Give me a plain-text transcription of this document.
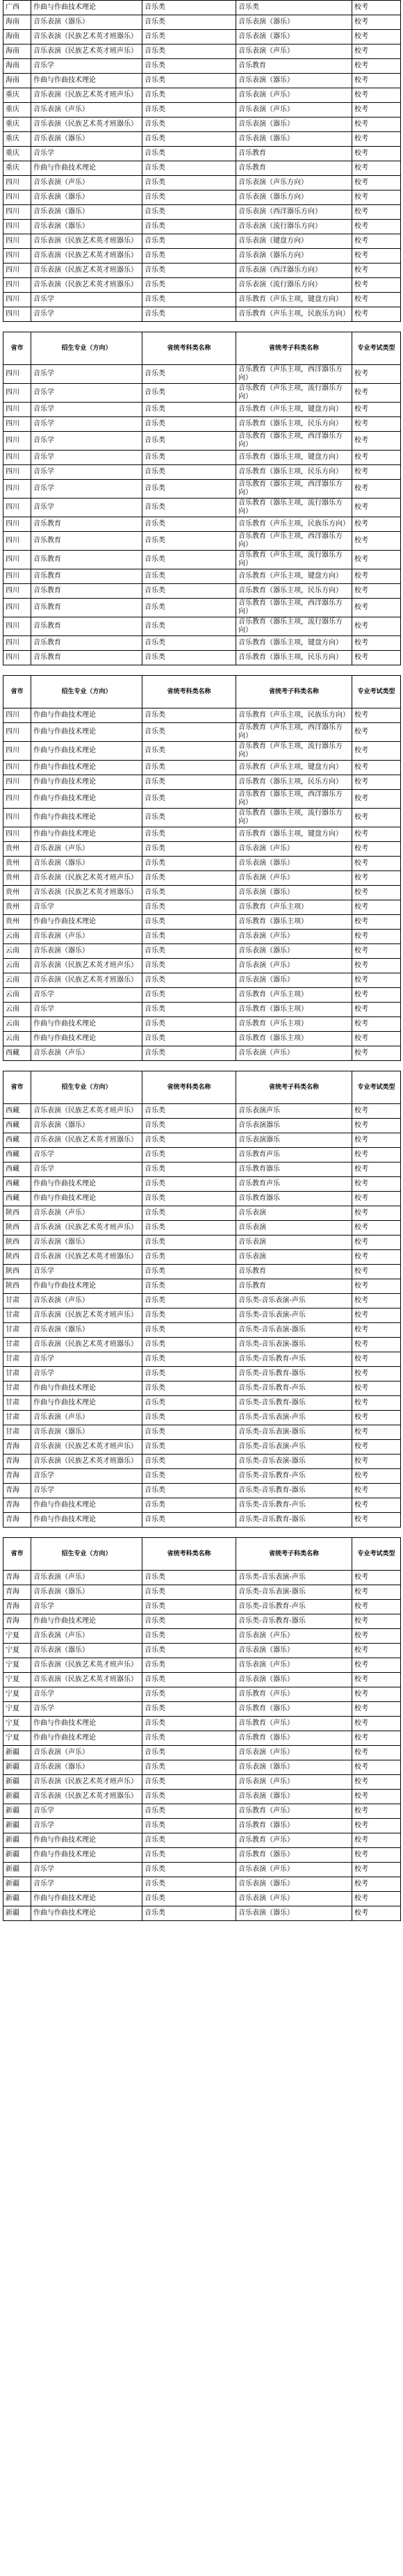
广西	作曲与作曲技术理论	音乐类	音乐类	校考
海南	音乐表演（器乐）	音乐类	音乐表演（器乐）	校考
海南	音乐表演（民族艺术英才班器乐）	音乐类	音乐表演（器乐）	校考
海南	音乐表演（民族艺术英才班声乐）	音乐类	音乐表演（声乐）	校考
海南	音乐学	音乐类	音乐教育	校考
海南	作曲与作曲技术理论	音乐类	音乐表演（器乐）	校考
重庆	音乐表演（民族艺术英才班声乐）	音乐类	音乐表演（声乐）	校考
重庆	音乐表演（声乐）	音乐类	音乐表演（声乐）	校考
重庆	音乐表演（民族艺术英才班器乐）	音乐类	音乐表演（器乐）	校考
重庆	音乐表演（器乐）	音乐类	音乐表演（器乐）	校考
重庆	音乐学	音乐类	音乐教育	校考
重庆	作曲与作曲技术理论	音乐类	音乐教育	校考
四川	音乐表演（声乐）	音乐类	音乐表演（声乐方向）	校考
四川	音乐表演（器乐）	音乐类	音乐表演（器乐方向）	校考
四川	音乐表演（器乐）	音乐类	音乐表演（西洋器乐方向）	校考
四川	音乐表演（器乐）	音乐类	音乐表演（流行器乐方向）	校考
四川	音乐表演（民族艺术英才班器乐）	音乐类	音乐表演（键盘方向）	校考
四川	音乐表演（民族艺术英才班器乐）	音乐类	音乐表演（器乐方向）	校考
四川	音乐表演（民族艺术英才班器乐）	音乐类	音乐表演（西洋器乐方向）	校考
四川	音乐表演（民族艺术英才班器乐）	音乐类	音乐表演（流行器乐方向）	校考
四川	音乐学	音乐类	音乐教育（声乐主项，键盘方向）	校考
四川	音乐学	音乐类	音乐教育（声乐主项，民族乐方向）	校考
省市	招生专业（方向）	省统考科类名称	省统考子科类名称	专业考试类型
四川	音乐学	音乐类	音乐教育（声乐主项，西洋器乐方向）	校考
四川	音乐学	音乐类	音乐教育（声乐主项，流行器乐方向）	校考
四川	音乐学	音乐类	音乐教育（声乐主项，键盘方向）	校考
四川	音乐学	音乐类	音乐教育（器乐主项，民乐方向）	校考
四川	音乐学	音乐类	音乐教育（器乐主项，西洋器乐方向）	校考
四川	音乐学	音乐类	音乐教育（器乐主项，键盘方向）	校考
四川	音乐学	音乐类	音乐教育（器乐主项，民乐方向）	校考
四川	音乐学	音乐类	音乐教育（器乐主项，西洋器乐方向）	校考
四川	音乐学	音乐类	音乐教育（器乐主项，流行器乐方向）	校考
四川	音乐教育	音乐类	音乐教育（声乐主项，民族乐方向）	校考
四川	音乐教育	音乐类	音乐教育（声乐主项，西洋器乐方向）	校考
四川	音乐教育	音乐类	音乐教育（声乐主项，流行器乐方向）	校考
四川	音乐教育	音乐类	音乐教育（声乐主项，键盘方向）	校考
四川	音乐教育	音乐类	音乐教育（器乐主项，民乐方向）	校考
四川	音乐教育	音乐类	音乐教育（器乐主项，西洋器乐方向）	校考
四川	音乐教育	音乐类	音乐教育（器乐主项，流行器乐方向）	校考
四川	音乐教育	音乐类	音乐教育（器乐主项，键盘方向）	校考
四川	音乐教育	音乐类	音乐教育（器乐主项，民乐方向）	校考
省市	招生专业（方向）	省统考科类名称	省统考子科类名称	专业考试类型
四川	作曲与作曲技术理论	音乐类	音乐教育（声乐主项，民族乐方向）	校考
四川	作曲与作曲技术理论	音乐类	音乐教育（声乐主项，西洋器乐方向）	校考
四川	作曲与作曲技术理论	音乐类	音乐教育（声乐主项，流行器乐方向）	校考
四川	作曲与作曲技术理论	音乐类	音乐教育（声乐主项，键盘方向）	校考
四川	作曲与作曲技术理论	音乐类	音乐教育（器乐主项，民乐方向）	校考
四川	作曲与作曲技术理论	音乐类	音乐教育（器乐主项，西洋器乐方向）	校考
四川	作曲与作曲技术理论	音乐类	音乐教育（器乐主项，流行器乐方向）	校考
四川	作曲与作曲技术理论	音乐类	音乐教育（器乐主项，键盘方向）	校考
贵州	音乐表演（声乐）	音乐类	音乐表演（声乐）	校考
贵州	音乐表演（器乐）	音乐类	音乐表演（器乐）	校考
贵州	音乐表演（民族艺术英才班声乐）	音乐类	音乐表演（声乐）	校考
贵州	音乐表演（民族艺术英才班器乐）	音乐类	音乐表演（器乐）	校考
贵州	音乐学	音乐类	音乐教育（声乐主项）	校考
贵州	作曲与作曲技术理论	音乐类	音乐教育（器乐主项）	校考
云南	音乐表演（声乐）	音乐类	音乐表演（声乐）	校考
云南	音乐表演（器乐）	音乐类	音乐表演（器乐）	校考
云南	音乐表演（民族艺术英才班声乐）	音乐类	音乐表演（声乐）	校考
云南	音乐表演（民族艺术英才班器乐）	音乐类	音乐表演（器乐）	校考
云南	音乐学	音乐类	音乐教育（声乐主项）	校考
云南	音乐学	音乐类	音乐教育（器乐主项）	校考
云南	作曲与作曲技术理论	音乐类	音乐教育（声乐主项）	校考
云南	作曲与作曲技术理论	音乐类	音乐教育（器乐主项）	校考
西藏	音乐表演（声乐）	音乐类	音乐表演（声乐）	校考
省市	招生专业（方向）	省统考科类名称	省统考子科类名称	专业考试类型
西藏	音乐表演（民族艺术英才班声乐）	音乐类	音乐表演声乐	校考
西藏	音乐表演（器乐）	音乐类	音乐表演器乐	校考
西藏	音乐表演（民族艺术英才班器乐）	音乐类	音乐表演器乐	校考
西藏	音乐学	音乐类	音乐教育声乐	校考
西藏	音乐学	音乐类	音乐教育器乐	校考
西藏	作曲与作曲技术理论	音乐类	音乐教育声乐	校考
西藏	作曲与作曲技术理论	音乐类	音乐教育器乐	校考
陕西	音乐表演（声乐）	音乐类	音乐表演	校考
陕西	音乐表演（民族艺术英才班声乐）	音乐类	音乐表演	校考
陕西	音乐表演（器乐）	音乐类	音乐表演	校考
陕西	音乐表演（民族艺术英才班器乐）	音乐类	音乐表演	校考
陕西	音乐学	音乐类	音乐教育	校考
陕西	作曲与作曲技术理论	音乐类	音乐教育	校考
甘肃	音乐表演（声乐）	音乐类	音乐类-音乐表演-声乐	校考
甘肃	音乐表演（民族艺术英才班声乐）	音乐类	音乐类-音乐表演-声乐	校考
甘肃	音乐表演（器乐）	音乐类	音乐类-音乐表演-器乐	校考
甘肃	音乐表演（民族艺术英才班器乐）	音乐类	音乐类-音乐表演-器乐	校考
甘肃	音乐学	音乐类	音乐类-音乐教育-声乐	校考
甘肃	音乐学	音乐类	音乐类-音乐教育-器乐	校考
甘肃	作曲与作曲技术理论	音乐类	音乐类-音乐教育-声乐	校考
甘肃	作曲与作曲技术理论	音乐类	音乐类-音乐教育-器乐	校考
甘肃	音乐表演（声乐）	音乐类	音乐类-音乐表演-声乐	校考
甘肃	音乐表演（器乐）	音乐类	音乐类-音乐表演-器乐	校考
青海	音乐表演（民族艺术英才班声乐）	音乐类	音乐类-音乐表演-声乐	校考
青海	音乐表演（民族艺术英才班器乐）	音乐类	音乐类-音乐表演-器乐	校考
青海	音乐学	音乐类	音乐类-音乐教育-声乐	校考
青海	音乐学	音乐类	音乐类-音乐教育-器乐	校考
青海	作曲与作曲技术理论	音乐类	音乐类-音乐教育-声乐	校考
青海	作曲与作曲技术理论	音乐类	音乐类-音乐教育-器乐	校考
省市	招生专业（方向）	省统考科类名称	省统考子科类名称	专业考试类型
青海	音乐表演（声乐）	音乐类	音乐类-音乐表演-声乐	校考
青海	音乐表演（器乐）	音乐类	音乐类-音乐表演-器乐	校考
青海	音乐学	音乐类	音乐类-音乐教育-声乐	校考
青海	作曲与作曲技术理论	音乐类	音乐类-音乐教育-器乐	校考
宁夏	音乐表演（声乐）	音乐类	音乐表演（声乐）	校考
宁夏	音乐表演（器乐）	音乐类	音乐表演（器乐）	校考
宁夏	音乐表演（民族艺术英才班声乐）	音乐类	音乐表演（声乐）	校考
宁夏	音乐表演（民族艺术英才班器乐）	音乐类	音乐表演（器乐）	校考
宁夏	音乐学	音乐类	音乐教育（声乐）	校考
宁夏	音乐学	音乐类	音乐教育（器乐）	校考
宁夏	作曲与作曲技术理论	音乐类	音乐教育（声乐）	校考
宁夏	作曲与作曲技术理论	音乐类	音乐教育（器乐）	校考
新疆	音乐表演（声乐）	音乐类	音乐表演（声乐）	校考
新疆	音乐表演（器乐）	音乐类	音乐表演（器乐）	校考
新疆	音乐表演（民族艺术英才班声乐）	音乐类	音乐表演（声乐）	校考
新疆	音乐表演（民族艺术英才班器乐）	音乐类	音乐表演（器乐）	校考
新疆	音乐学	音乐类	音乐教育（声乐）	校考
新疆	音乐学	音乐类	音乐教育（器乐）	校考
新疆	作曲与作曲技术理论	音乐类	音乐教育（声乐）	校考
新疆	作曲与作曲技术理论	音乐类	音乐教育（器乐）	校考
新疆	音乐学	音乐类	音乐表演（声乐）	校考
新疆	音乐学	音乐类	音乐表演（器乐）	校考
新疆	作曲与作曲技术理论	音乐类	音乐表演（声乐）	校考
新疆	作曲与作曲技术理论	音乐类	音乐表演（器乐）	校考
